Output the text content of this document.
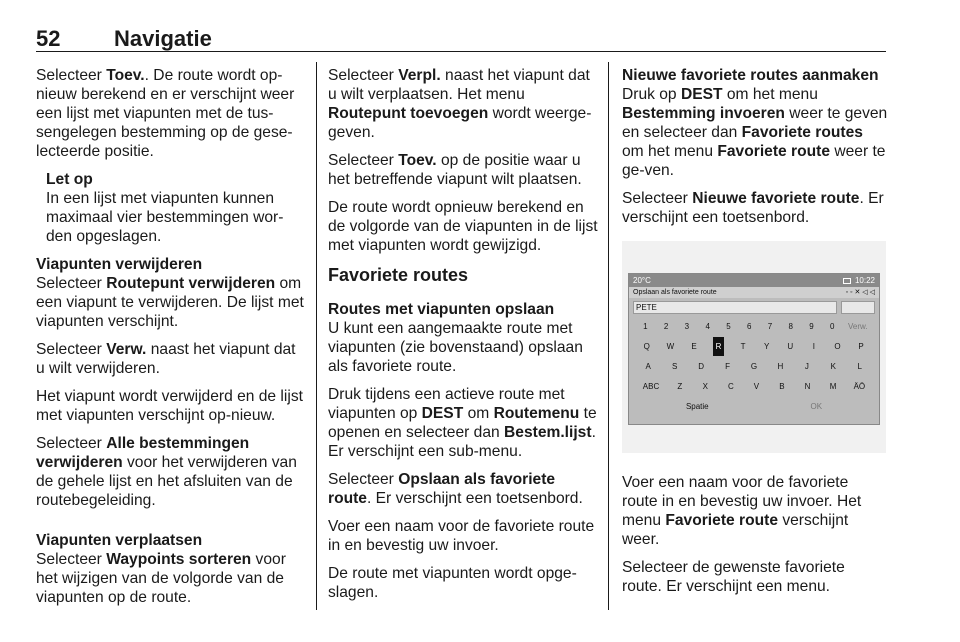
52 Navigatie

Selecteer Toev.. De route wordt op-nieuw berekend en er verschijnt weer een lijst met viapunten met de tus-sengelegen bestemming op de gese-lecteerde positie.

Let op
In een lijst met viapunten kunnen maximaal vier bestemmingen wor-den opgeslagen.
Viapunten verwijderen

Selecteer Routepunt verwijderen om een viapunt te verwijderen. De lijst met viapunten verschijnt.

Selecteer Verw. naast het viapunt dat u wilt verwijderen.

Het viapunt wordt verwijderd en de lijst met viapunten verschijnt op-nieuw.

Selecteer Alle bestemmingen verwijderen voor het verwijderen van de gehele lijst en het afsluiten van de routebegeleiding.

Viapunten verplaatsen

Selecteer Waypoints sorteren voor het wijzigen van de volgorde van de viapunten op de route.

Selecteer Verpl. naast het viapunt dat u wilt verplaatsen. Het menu Routepunt toevoegen wordt weerge-geven.

Selecteer Toev. op de positie waar u het betreffende viapunt wilt plaatsen.

De route wordt opnieuw berekend en de volgorde van de viapunten in de lijst met viapunten wordt gewijzigd.

Favoriete routes
Routes met viapunten opslaan

U kunt een aangemaakte route met viapunten (zie bovenstaand) opslaan als favoriete route.

Druk tijdens een actieve route met viapunten op DEST om Routemenu te openen en selecteer dan Bestem.lijst. Er verschijnt een sub-menu.

Selecteer Opslaan als favoriete route. Er verschijnt een toetsenbord.

Voer een naam voor de favoriete route in en bevestig uw invoer.

De route met viapunten wordt opge-slagen.

Nieuwe favoriete routes aanmaken

Druk op DEST om het menu Bestemming invoeren weer te geven en selecteer dan Favoriete routes om het menu Favoriete route weer te ge-ven.

Selecteer Nieuwe favoriete route. Er verschijnt een toetsenbord.

20°C	10:22
Opslaan als favoriete route	◦ ◦ ✕ ◁ ◁
PETE
1	2	3	4	5	6	7	8	9	0	Verw.
Q W E	R	T	Y U	I	O P
A	S	D	F	G	H	J	K	L
ABC	Z	X C V	B N M ÄÖ
Spatie	OK

Voer een naam voor de favoriete route in en bevestig uw invoer. Het menu Favoriete route verschijnt weer.

Selecteer de gewenste favoriete route. Er verschijnt een menu.
